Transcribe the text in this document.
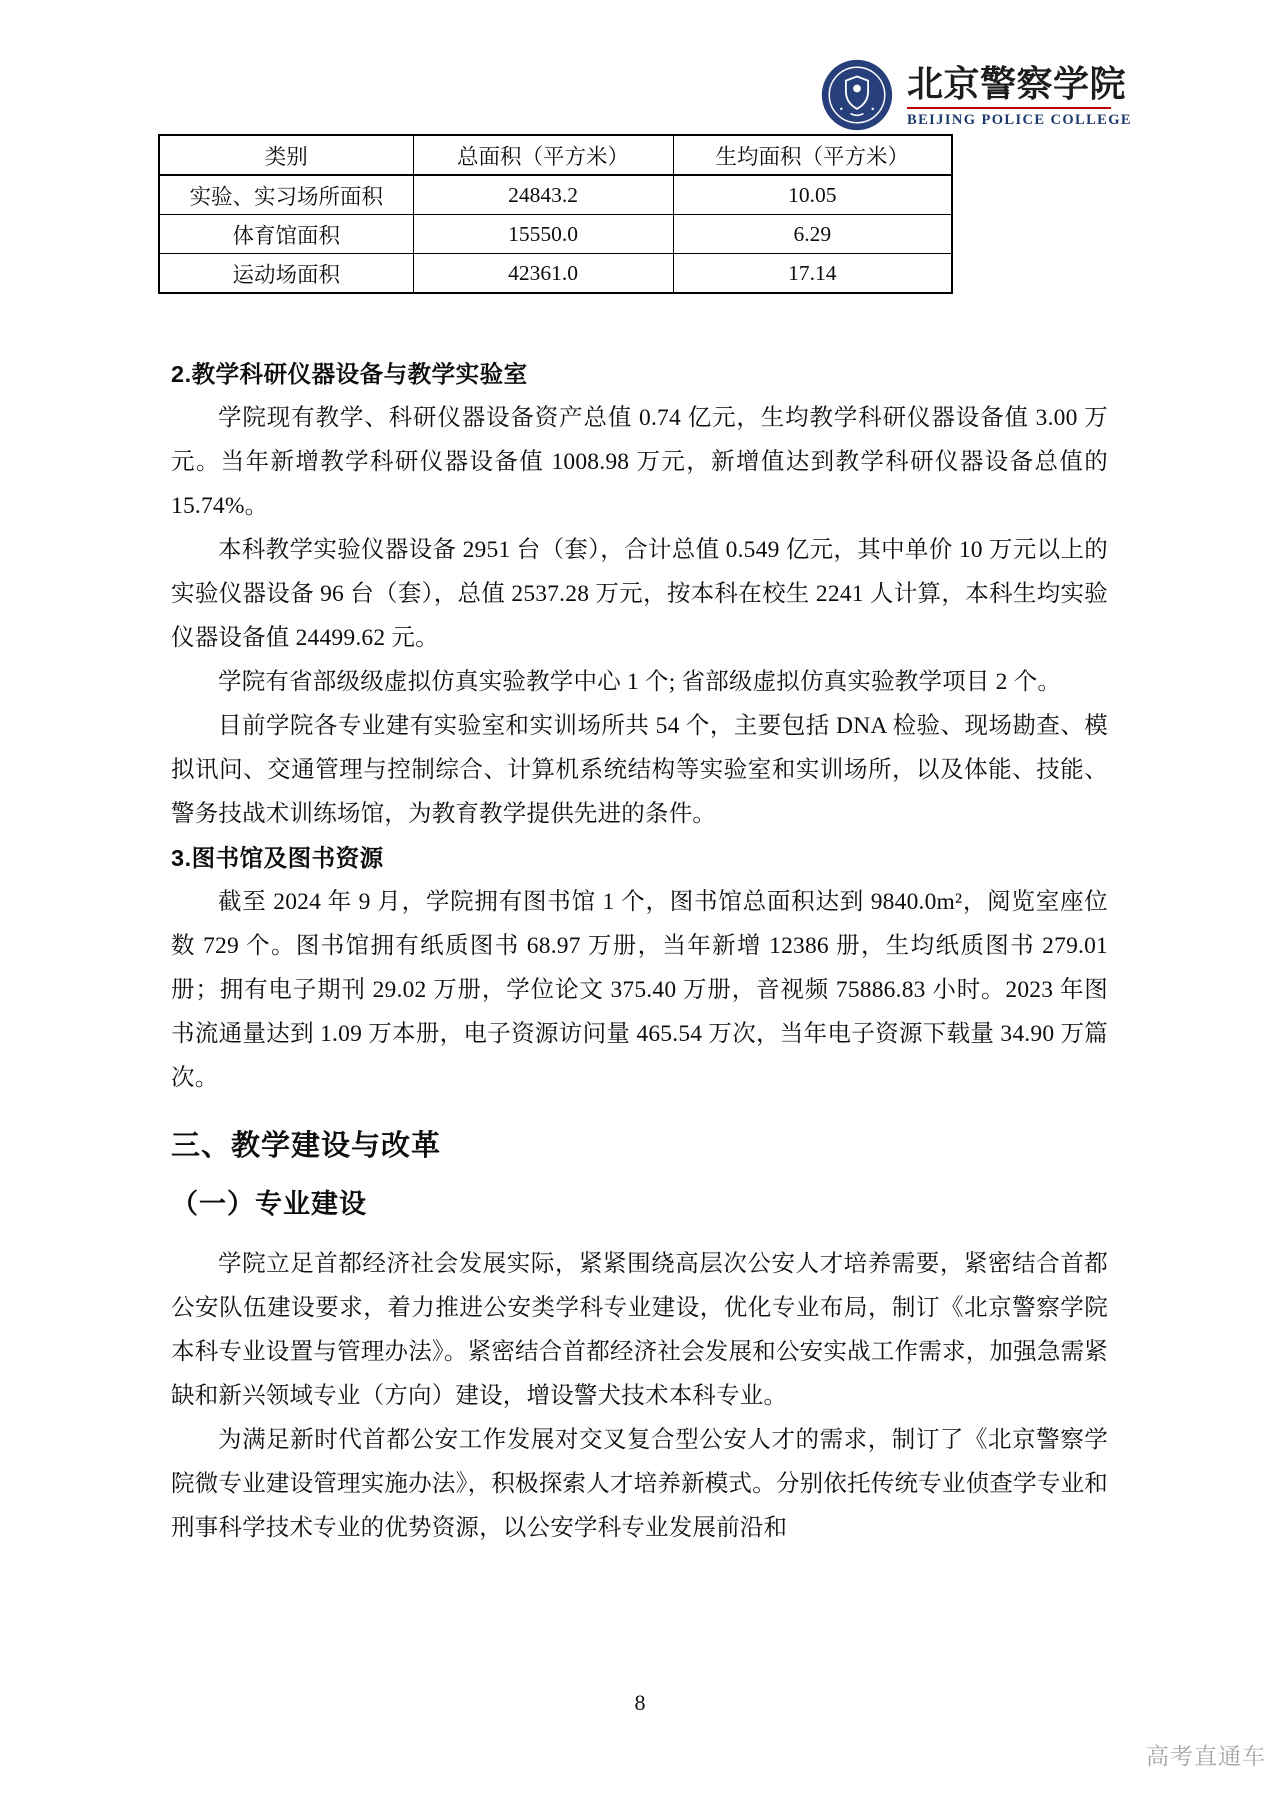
北京警察学院
BEIJING POLICE COLLEGE
类别	总面积（平方米）	生均面积（平方米）
实验、实习场所面积	24843.2	10.05
体育馆面积	15550.0	6.29
运动场面积	42361.0	17.14
2.教学科研仪器设备与教学实验室

学院现有教学、科研仪器设备资产总值 0.74 亿元，生均教学科研仪器设备值 3.00 万元。当年新增教学科研仪器设备值 1008.98 万元，新增值达到教学科研仪器设备总值的 15.74%。

本科教学实验仪器设备 2951 台（套），合计总值 0.549 亿元，其中单价 10 万元以上的实验仪器设备 96 台（套），总值 2537.28 万元，按本科在校生 2241 人计算，本科生均实验仪器设备值 24499.62 元。

学院有省部级级虚拟仿真实验教学中心 1 个; 省部级虚拟仿真实验教学项目 2 个。

目前学院各专业建有实验室和实训场所共 54 个，主要包括 DNA 检验、现场勘查、模拟讯问、交通管理与控制综合、计算机系统结构等实验室和实训场所，以及体能、技能、警务技战术训练场馆，为教育教学提供先进的条件。

3.图书馆及图书资源

截至 2024 年 9 月，学院拥有图书馆 1 个，图书馆总面积达到 9840.0m²，阅览室座位数 729 个。图书馆拥有纸质图书 68.97 万册，当年新增 12386 册，生均纸质图书 279.01 册；拥有电子期刊 29.02 万册，学位论文 375.40 万册，音视频 75886.83 小时。2023 年图书流通量达到 1.09 万本册，电子资源访问量 465.54 万次，当年电子资源下载量 34.90 万篇次。

三、教学建设与改革
（一）专业建设

学院立足首都经济社会发展实际，紧紧围绕高层次公安人才培养需要，紧密结合首都公安队伍建设要求，着力推进公安类学科专业建设，优化专业布局，制订《北京警察学院本科专业设置与管理办法》。紧密结合首都经济社会发展和公安实战工作需求，加强急需紧缺和新兴领域专业（方向）建设，增设警犬技术本科专业。

为满足新时代首都公安工作发展对交叉复合型公安人才的需求，制订了《北京警察学院微专业建设管理实施办法》，积极探索人才培养新模式。分别依托传统专业侦查学专业和刑事科学技术专业的优势资源，以公安学科专业发展前沿和

8
高考直通车
